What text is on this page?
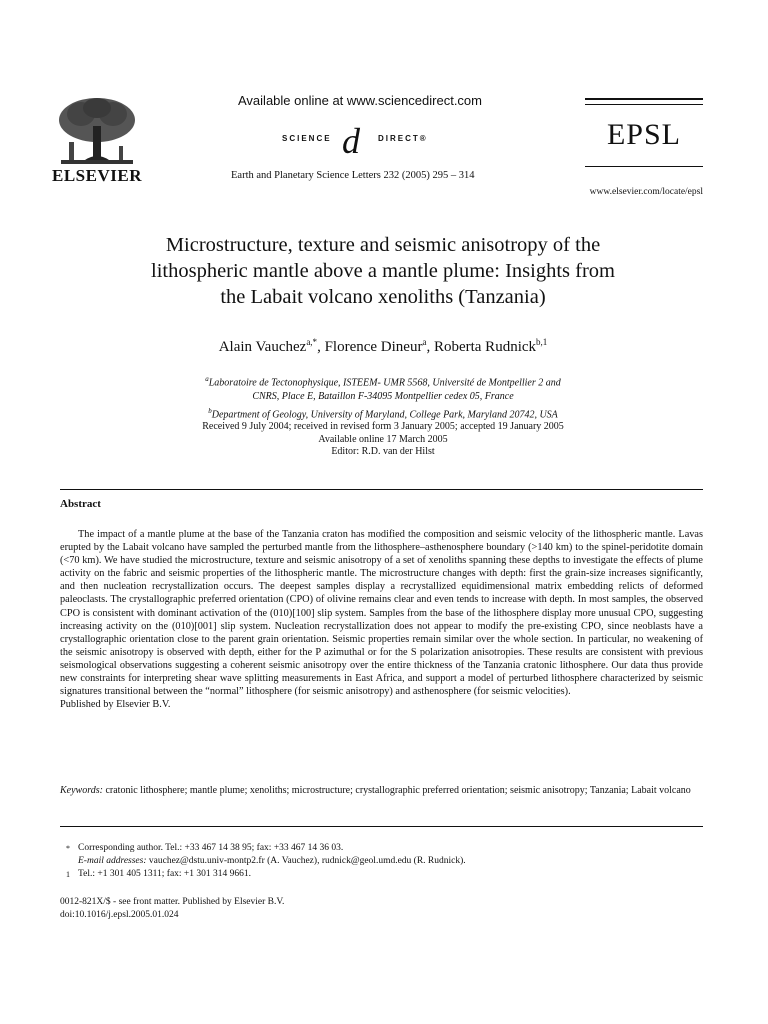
ELSEVIER
Available online at www.sciencedirect.com
SCIENCE d DIRECT®
Earth and Planetary Science Letters 232 (2005) 295 – 314
EPSL
www.elsevier.com/locate/epsl
Microstructure, texture and seismic anisotropy of the
lithospheric mantle above a mantle plume: Insights from
the Labait volcano xenoliths (Tanzania)
Alain Vauchez$^{a,*}$, Florence Dineur$^a$, Roberta Rudnick$^{b,1}$
$^a$Laboratoire de Tectonophysique, ISTEEM- UMR 5568, Université de Montpellier 2 and
CNRS, Place E, Bataillon F-34095 Montpellier cedex 05, France
$^b$Department of Geology, University of Maryland, College Park, Maryland 20742, USA
Received 9 July 2004; received in revised form 3 January 2005; accepted 19 January 2005
Available online 17 March 2005
Editor: R.D. van der Hilst
Abstract
The impact of a mantle plume at the base of the Tanzania craton has modified the composition and seismic velocity of the lithospheric mantle. Lavas erupted by the Labait volcano have sampled the perturbed mantle from the lithosphere–asthenosphere boundary (>140 km) to the spinel-peridotite domain (<70 km). We have studied the microstructure, texture and seismic anisotropy of a set of xenoliths spanning these depths to investigate the effects of plume activity on the fabric and seismic properties of the lithospheric mantle. The microstructure changes with depth: first the grain-size increases significantly, and then nucleation recrystallization occurs. The deepest samples display a recrystallized equidimensional matrix embedding relicts of deformed paleoclasts. The crystallographic preferred orientation (CPO) of olivine remains clear and even tends to increase with depth. In most samples, the observed CPO is consistent with dominant activation of the (010)[100] slip system. Samples from the base of the lithosphere display more unusual CPO, suggesting increasing activity on the (010)[001] slip system. Nucleation recrystallization does not appear to modify the pre-existing CPO, since neoblasts have a crystallographic orientation close to the parent grain orientation. Seismic properties remain similar over the whole section. In particular, no weakening of the seismic anisotropy is observed with depth, either for the P azimuthal or for the S polarization anisotropies. These results are consistent with previous seismological observations suggesting a coherent seismic anisotropy over the entire thickness of the Tanzania cratonic lithosphere. Our data thus provide new constraints for interpreting shear wave splitting measurements in East Africa, and support a model of perturbed lithosphere characterized by seismic signatures transitional between the “normal” lithosphere (for seismic anisotropy) and asthenosphere (for seismic velocities).
Published by Elsevier B.V.
Keywords: cratonic lithosphere; mantle plume; xenoliths; microstructure; crystallographic preferred orientation; seismic anisotropy; Tanzania; Labait volcano
* Corresponding author. Tel.: +33 467 14 38 95; fax: +33 467 14 36 03.
E-mail addresses: vauchez@dstu.univ-montp2.fr (A. Vauchez), rudnick@geol.umd.edu (R. Rudnick).
1 Tel.: +1 301 405 1311; fax: +1 301 314 9661.
0012-821X/$ - see front matter. Published by Elsevier B.V.
doi:10.1016/j.epsl.2005.01.024
